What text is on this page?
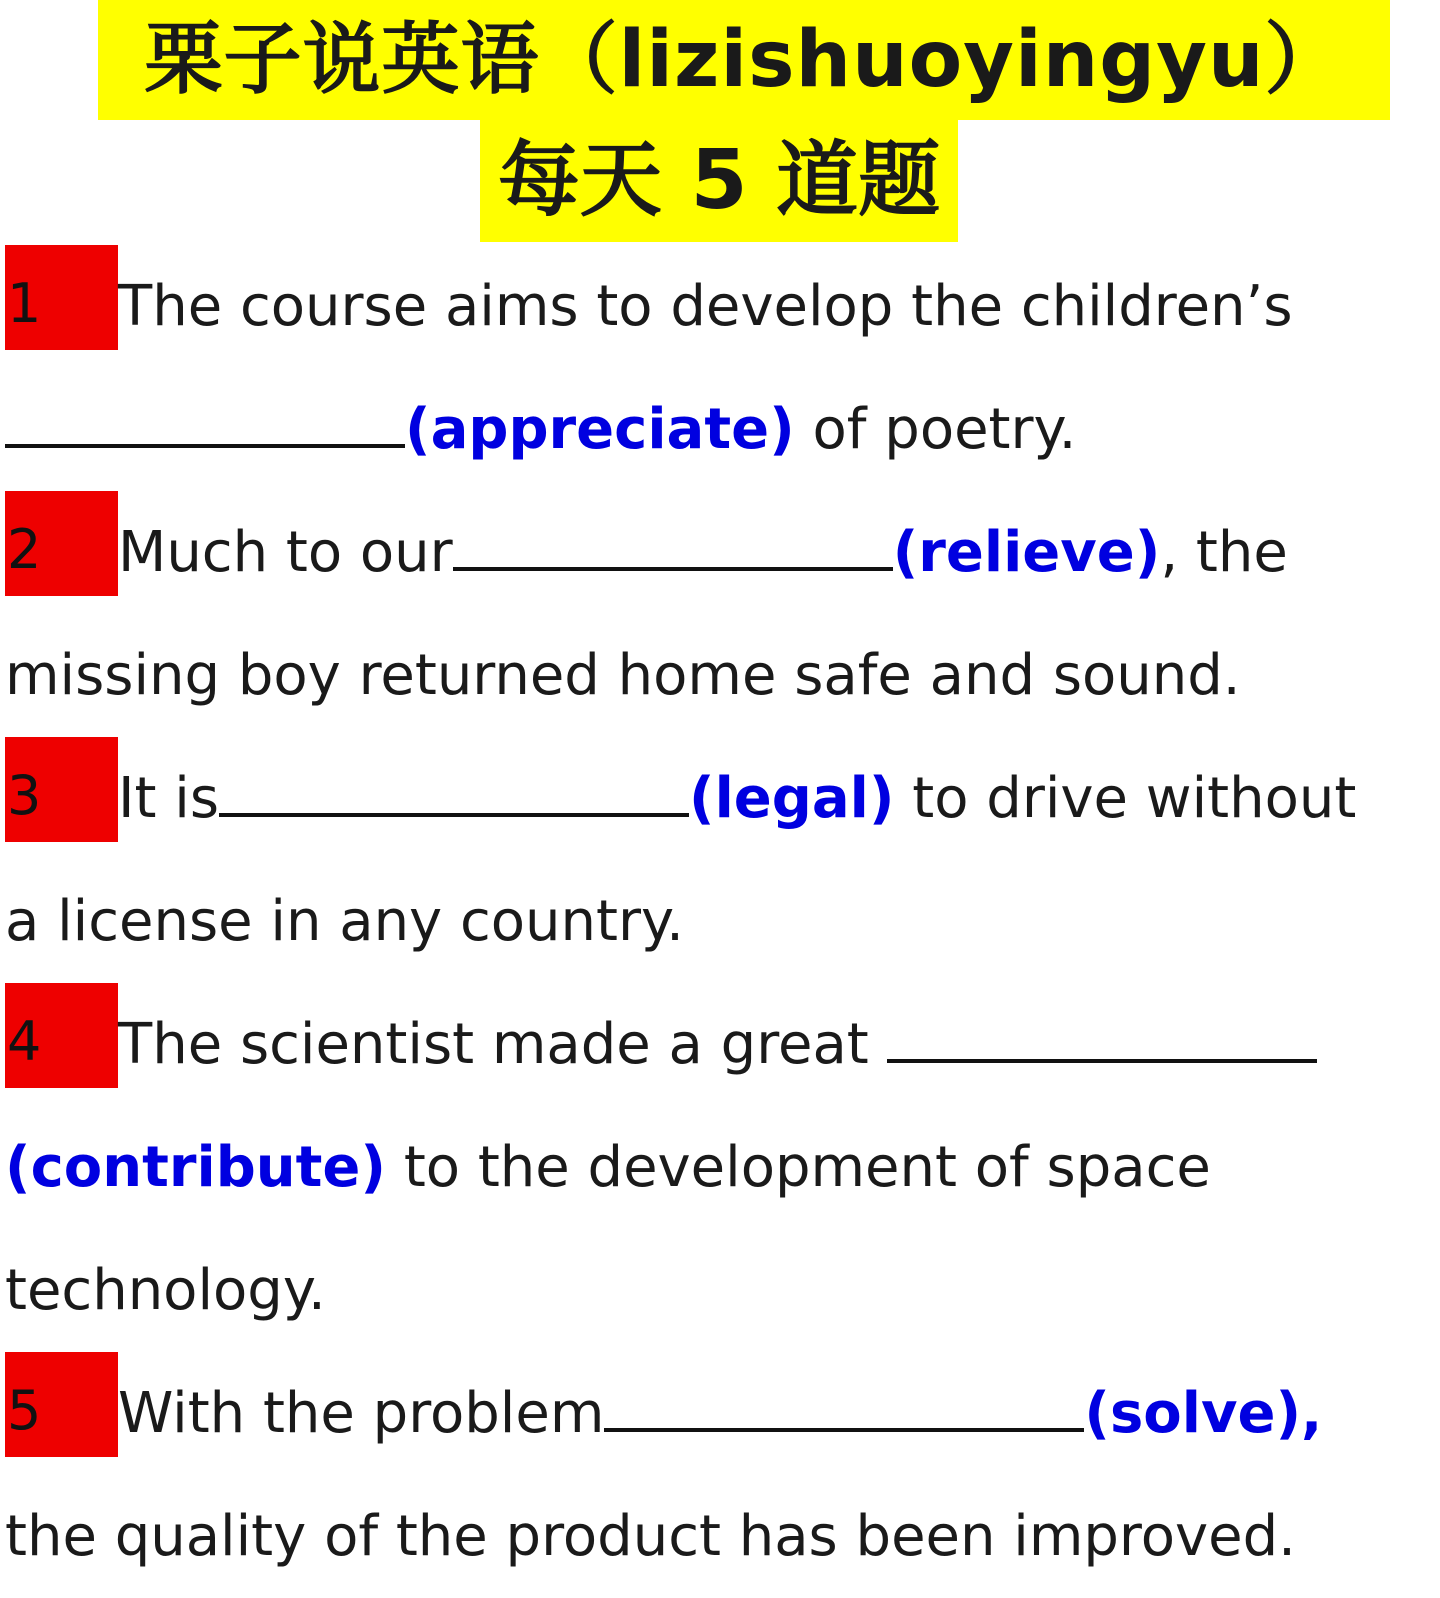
栗子说英语（lizishuoyingyu）
每天 5 道题
1	The course aims to develop the children’s
(appreciate) of poetry.
2	Much to our	(relieve), the
missing boy returned home safe and sound.
3	It is	(legal) to drive without
a license in any country.
4	The scientist made a great
(contribute) to the development of space
technology.
5	With the problem	(solve),
the quality of the product has been improved.
